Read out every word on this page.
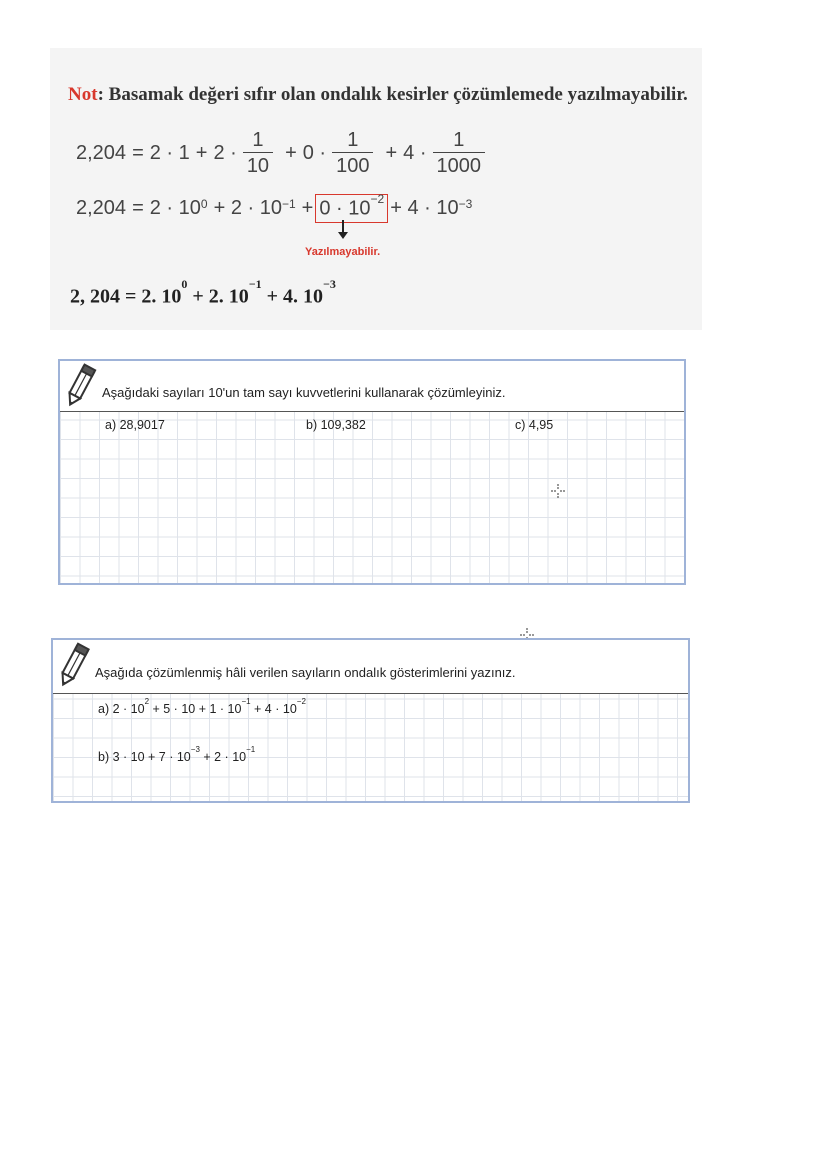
Not: Basamak değeri sıfır olan ondalık kesirler çözümlemede yazılmayabilir.
$2,204 = 2 \cdot 1 + 2 \cdot \frac{1}{10} + 0 \cdot \frac{1}{100} + 4 \cdot \frac{1}{1000}$
$2,204 = 2 \cdot 10^0 + 2 \cdot 10^{-1} + 0 \cdot 10^{-2} + 4 \cdot 10^{-3}$
Yazılmayabilir.
2, 204 = 2. $10^0 + 2$. $10^{-1} + 4$. $10^{-3}$
Aşağıdaki sayıları 10'un tam sayı kuvvetlerini kullanarak çözümleyiniz.
a) 28,9017	b) 109,382	c) 4,95
Aşağıda çözümlenmiş hâli verilen sayıların ondalık gösterimlerini yazınız.
a) $2 \cdot 10^2 + 5 \cdot 10 + 1 \cdot 10^{-1} + 4 \cdot 10^{-2}$
b) $3 \cdot 10 + 7 \cdot 10^{-3} + 2 \cdot 10^{-1}$
